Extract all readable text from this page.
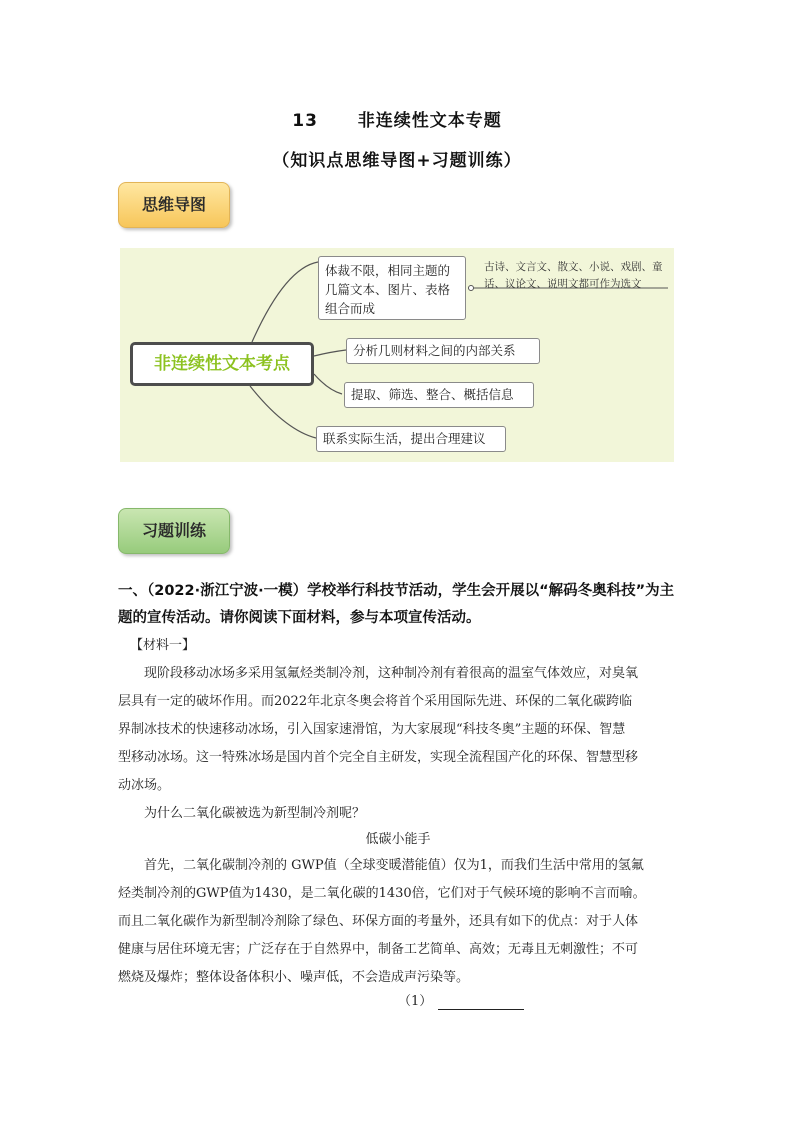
13 非连续性文本专题
（知识点思维导图+习题训练）
思维导图
非连续性文本考点
体裁不限，相同主题的
几篇文本、图片、表格
组合而成
分析几则材料之间的内部关系
提取、筛选、整合、概括信息
联系实际生活，提出合理建议
古诗、文言文、散文、小说、戏剧、童
话、议论文、说明文都可作为选文
习题训练
一、（2022·浙江宁波·一模）学校举行科技节活动，学生会开展以“解码冬奥科技”为主
题的宣传活动。请你阅读下面材料，参与本项宣传活动。
【材料一】
现阶段移动冰场多采用氢氟烃类制冷剂，这种制冷剂有着很高的温室气体效应，对臭氧
层具有一定的破坏作用。而2022年北京冬奥会将首个采用国际先进、环保的二氧化碳跨临
界制冰技术的快速移动冰场，引入国家速滑馆，为大家展现“科技冬奥”主题的环保、智慧
型移动冰场。这一特殊冰场是国内首个完全自主研发，实现全流程国产化的环保、智慧型移
动冰场。
为什么二氧化碳被选为新型制冷剂呢？
低碳小能手
首先，二氧化碳制冷剂的 GWP值（全球变暖潜能值）仅为1，而我们生活中常用的氢氟
烃类制冷剂的GWP值为1430，是二氧化碳的1430倍，它们对于气候环境的影响不言而喻。
而且二氧化碳作为新型制冷剂除了绿色、环保方面的考量外，还具有如下的优点：对于人体
健康与居住环境无害；广泛存在于自然界中，制备工艺简单、高效；无毒且无刺激性；不可
燃烧及爆炸；整体设备体积小、噪声低，不会造成声污染等。
（1）
